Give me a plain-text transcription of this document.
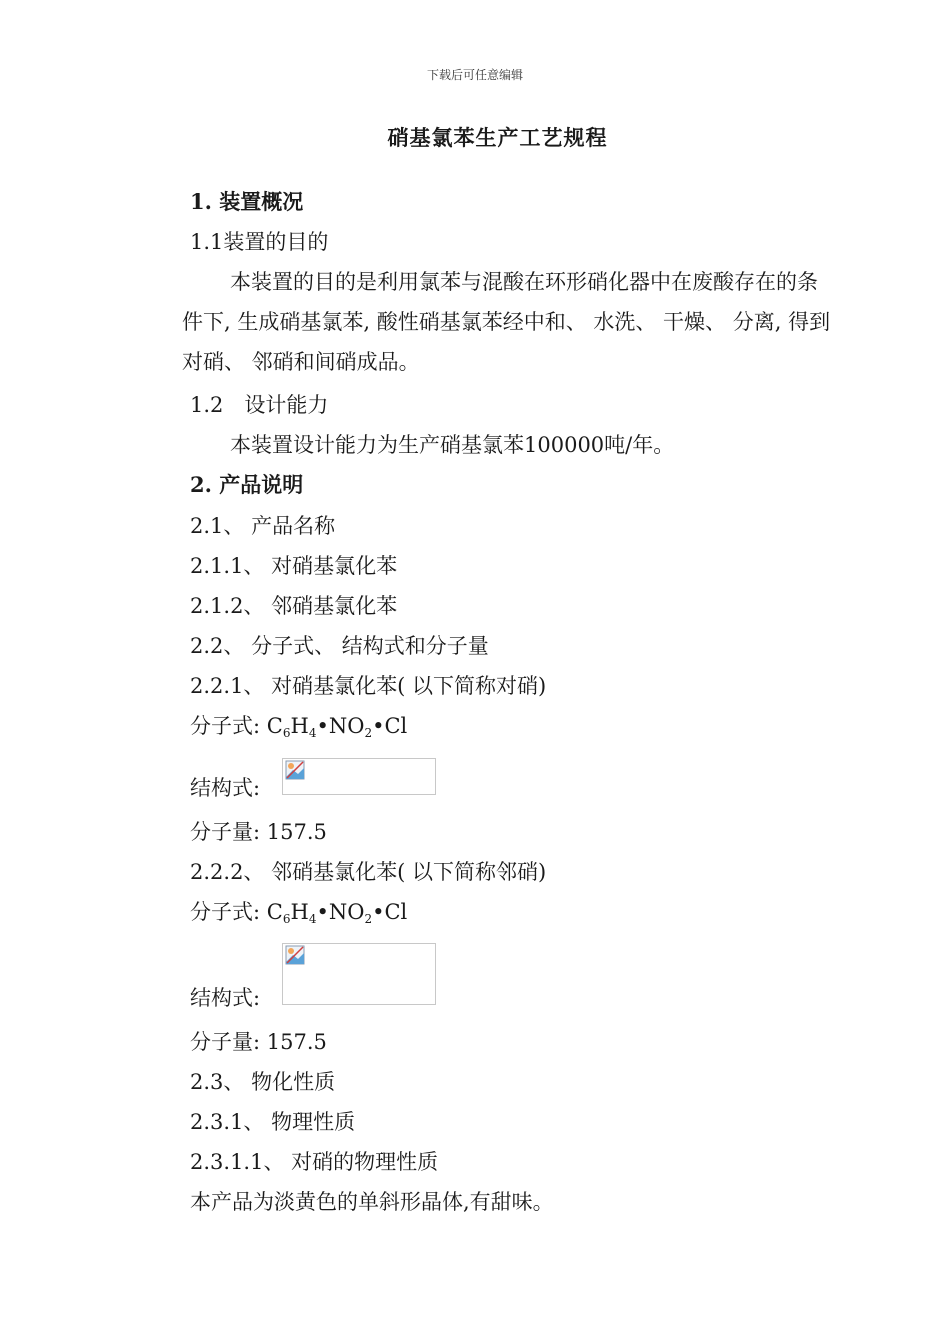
下载后可任意编辑
硝基氯苯生产工艺规程
1. 装置概况
1.1装置的目的
本装置的目的是利用氯苯与混酸在环形硝化器中在废酸存在的条件下, 生成硝基氯苯, 酸性硝基氯苯经中和、 水洗、 干燥、 分离, 得到对硝、 邻硝和间硝成品。
1.2　设计能力
本装置设计能力为生产硝基氯苯100000吨/年。
2. 产品说明
2.1、 产品名称
2.1.1、 对硝基氯化苯
2.1.2、 邻硝基氯化苯
2.2、 分子式、 结构式和分子量
2.2.1、 对硝基氯化苯( 以下简称对硝)
分子式: C6H4•NO2•Cl
结构式:
分子量: 157.5
2.2.2、 邻硝基氯化苯( 以下简称邻硝)
分子式: C6H4•NO2•Cl
结构式:
分子量: 157.5
2.3、 物化性质
2.3.1、 物理性质
2.3.1.1、 对硝的物理性质
本产品为淡黄色的单斜形晶体,有甜味。
